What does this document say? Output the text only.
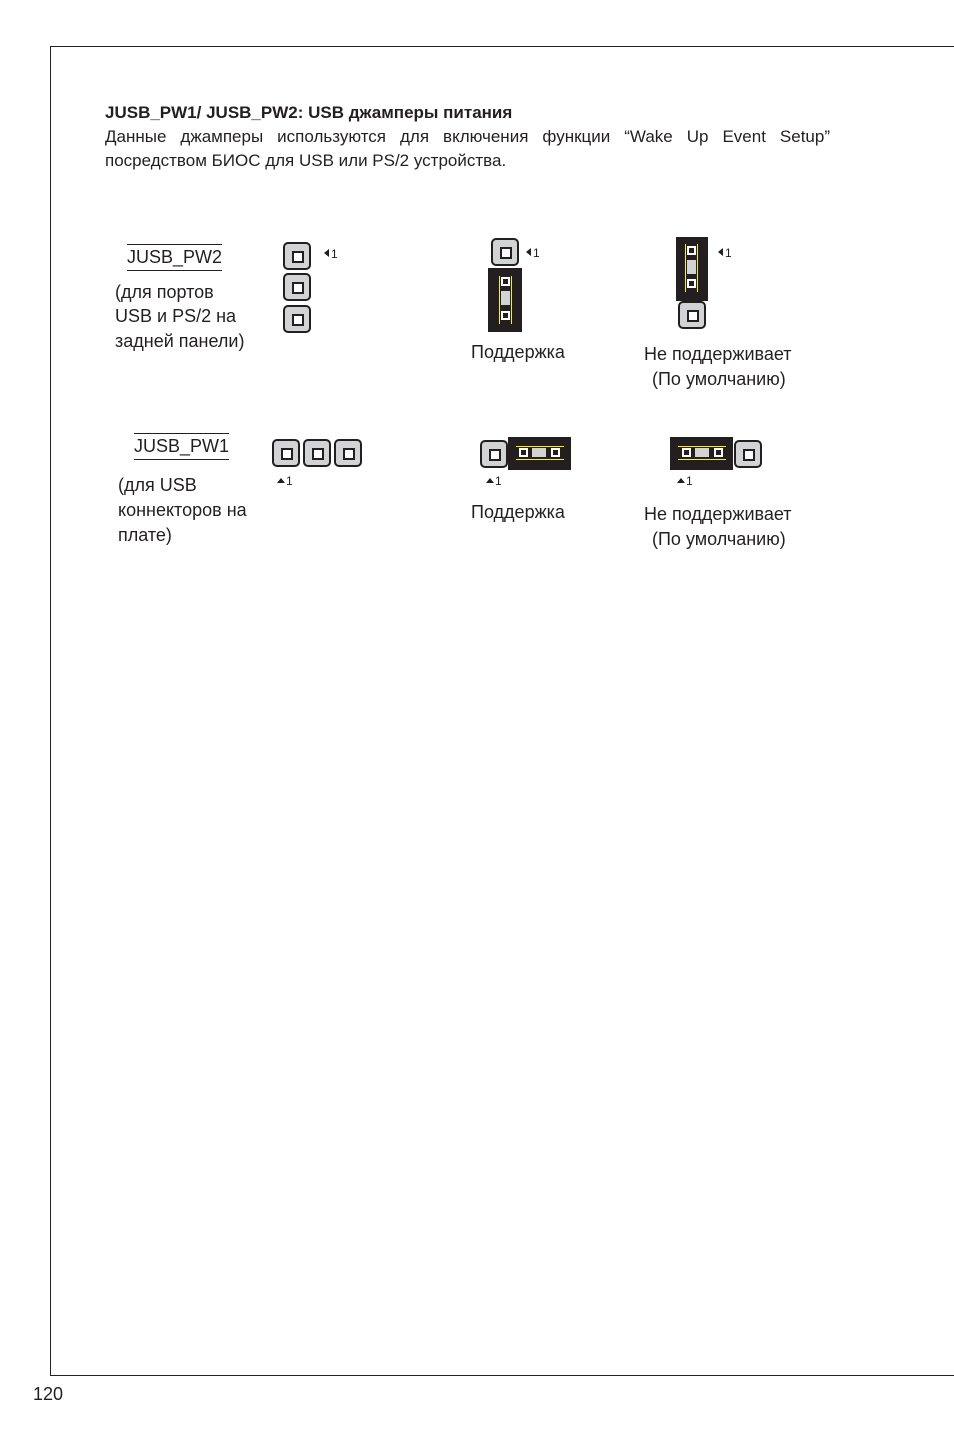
JUSB_PW1/ JUSB_PW2: USB джамперы питания
Данные джамперы используются для включения функции “Wake Up Event Setup” посредством БИОС для USB или PS/2 устройства.
JUSB_PW2
(для портов
USB и PS/2 на
задней панели)
1	1
Поддержка
1
Не поддерживает
(По умолчанию)
JUSB_PW1
(для USB
коннекторов на
плате)
1	1
Поддержка
1
Не поддерживает
(По умолчанию)
120
